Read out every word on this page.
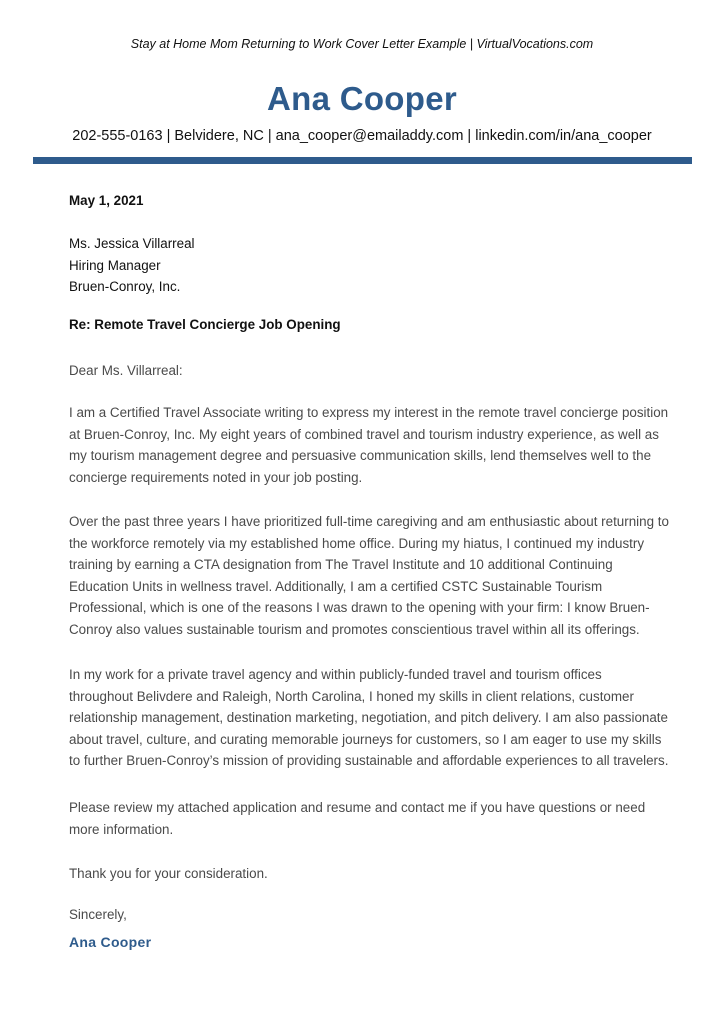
Stay at Home Mom Returning to Work Cover Letter Example | VirtualVocations.com
Ana Cooper
202-555-0163 | Belvidere, NC | ana_cooper@emailaddy.com | linkedin.com/in/ana_cooper
May 1, 2021
Ms. Jessica Villarreal
Hiring Manager
Bruen-Conroy, Inc.
Re: Remote Travel Concierge Job Opening
Dear Ms. Villarreal:

I am a Certified Travel Associate writing to express my interest in the remote travel concierge position at Bruen-Conroy, Inc. My eight years of combined travel and tourism industry experience, as well as my tourism management degree and persuasive communication skills, lend themselves well to the concierge requirements noted in your job posting.

Over the past three years I have prioritized full-time caregiving and am enthusiastic about returning to the workforce remotely via my established home office. During my hiatus, I continued my industry training by earning a CTA designation from The Travel Institute and 10 additional Continuing Education Units in wellness travel. Additionally, I am a certified CSTC Sustainable Tourism Professional, which is one of the reasons I was drawn to the opening with your firm: I know Bruen-Conroy also values sustainable tourism and promotes conscientious travel within all its offerings.

In my work for a private travel agency and within publicly-funded travel and tourism offices throughout Belivdere and Raleigh, North Carolina, I honed my skills in client relations, customer relationship management, destination marketing, negotiation, and pitch delivery. I am also passionate about travel, culture, and curating memorable journeys for customers, so I am eager to use my skills to further Bruen-Conroy’s mission of providing sustainable and affordable experiences to all travelers.

Please review my attached application and resume and contact me if you have questions or need more information.

Thank you for your consideration.
Sincerely,
Ana Cooper
